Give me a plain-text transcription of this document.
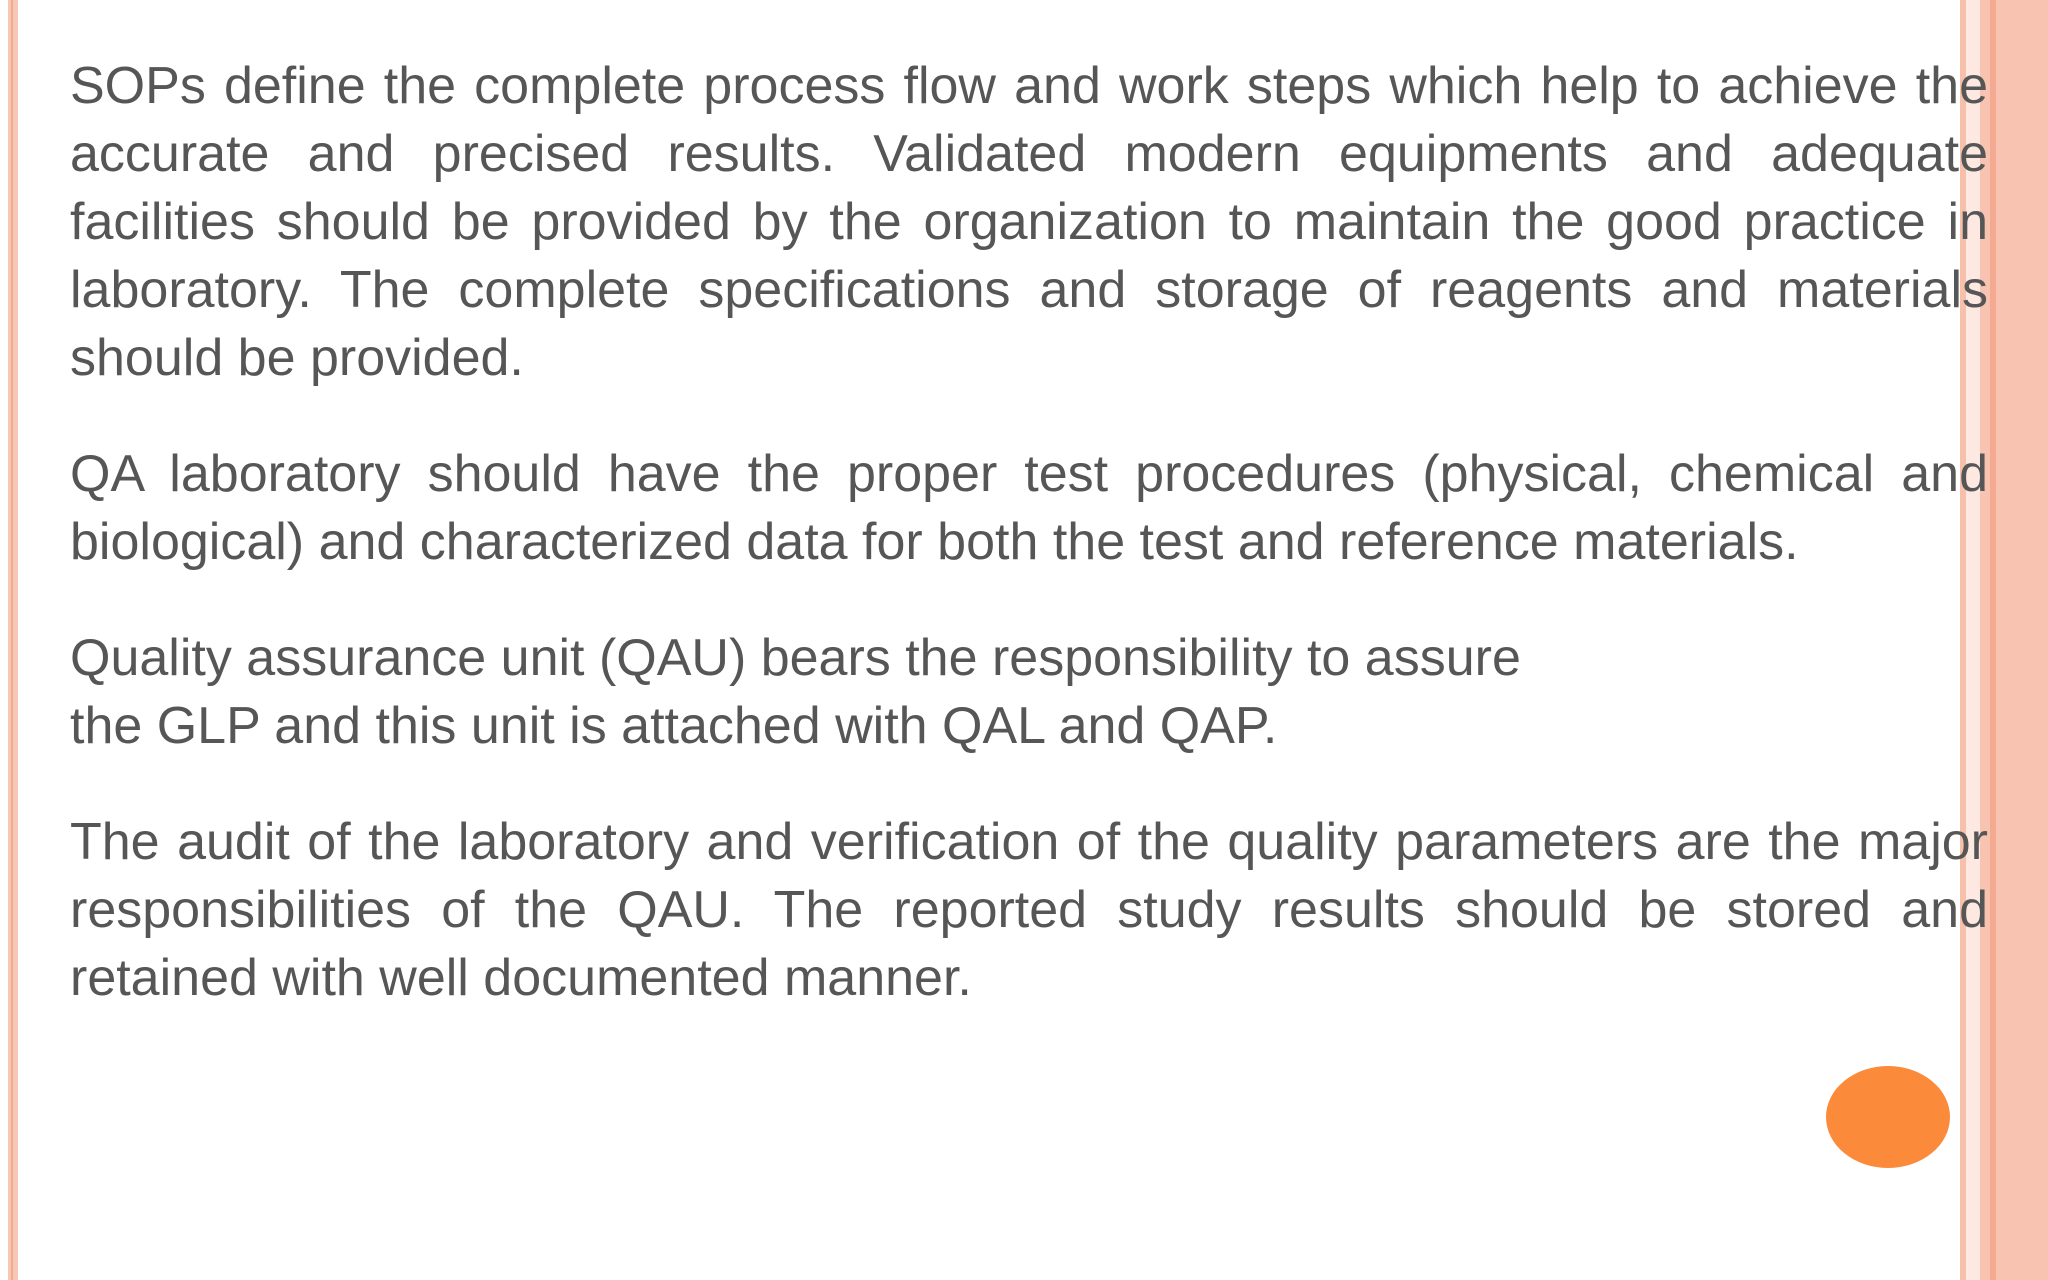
SOPs define the complete process flow and work steps which help to achieve the accurate and precised results. Validated modern equipments and adequate facilities should be provided by the organization to maintain the good practice in laboratory. The complete specifications and storage of reagents and materials should be provided.

QA laboratory should have the proper test procedures (physical, chemical and biological) and characterized data for both the test and reference materials.

Quality assurance unit (QAU) bears the responsibility to assure
the GLP and this unit is attached with QAL and QAP.

The audit of the laboratory and verification of the quality parameters are the major responsibilities of the QAU. The reported study results should be stored and retained with well documented manner.
